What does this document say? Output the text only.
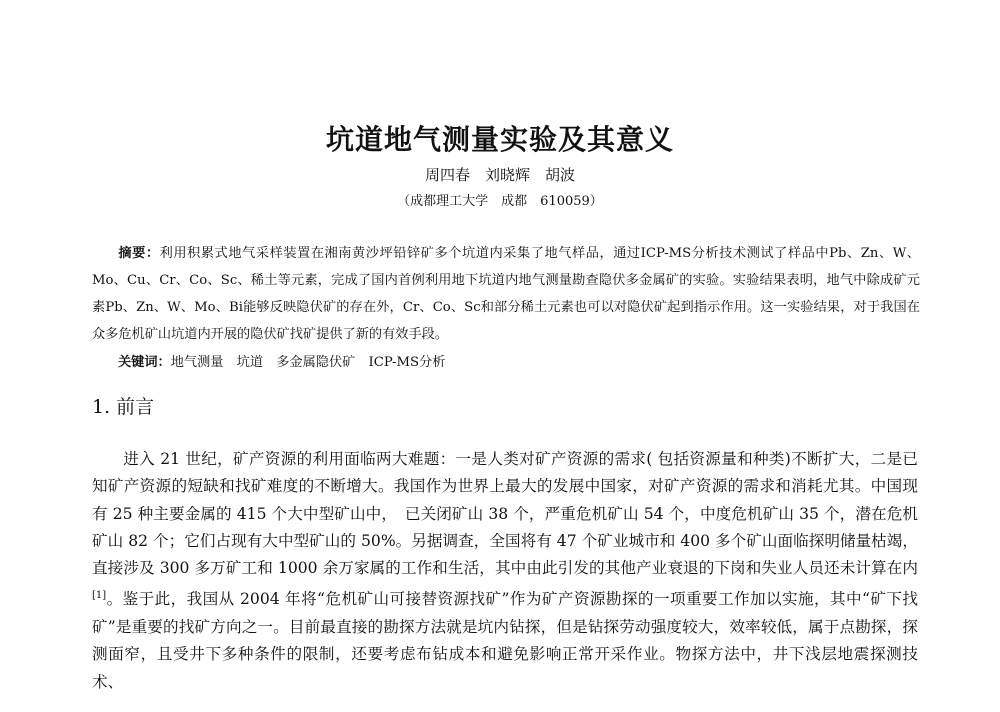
坑道地气测量实验及其意义
周四春　刘晓辉　胡波
（成都理工大学　成都　610059）
摘要：利用积累式地气采样装置在湘南黄沙坪铅锌矿多个坑道内采集了地气样品，通过ICP-MS分析技术测试了样品中Pb、Zn、W、Mo、Cu、Cr、Co、Sc、稀土等元素，完成了国内首例利用地下坑道内地气测量勘查隐伏多金属矿的实验。实验结果表明，地气中除成矿元素Pb、Zn、W、Mo、Bi能够反映隐伏矿的存在外，Cr、Co、Sc和部分稀土元素也可以对隐伏矿起到指示作用。这一实验结果，对于我国在众多危机矿山坑道内开展的隐伏矿找矿提供了新的有效手段。
关键词：地气测量　坑道　多金属隐伏矿　ICP-MS分析
1. 前言

进入 21 世纪，矿产资源的利用面临两大难题：一是人类对矿产资源的需求( 包括资源量和种类)不断扩大，二是已知矿产资源的短缺和找矿难度的不断增大。我国作为世界上最大的发展中国家，对矿产资源的需求和消耗尤其。中国现有 25 种主要金属的 415 个大中型矿山中，　已关闭矿山 38 个，严重危机矿山 54 个，中度危机矿山 35 个，潜在危机矿山 82 个；它们占现有大中型矿山的 50%。另据调查，全国将有 47 个矿业城市和 400 多个矿山面临探明储量枯竭，直接涉及 300 多万矿工和 1000 余万家属的工作和生活，其中由此引发的其他产业衰退的下岗和失业人员还未计算在内[1]。鉴于此，我国从 2004 年将“危机矿山可接替资源找矿”作为矿产资源勘探的一项重要工作加以实施，其中“矿下找矿”是重要的找矿方向之一。目前最直接的勘探方法就是坑内钻探，但是钻探劳动强度较大，效率较低，属于点勘探，探测面窄，且受井下多种条件的限制，还要考虑布钻成本和避免影响正常开采作业。物探方法中，井下浅层地震探测技术、
